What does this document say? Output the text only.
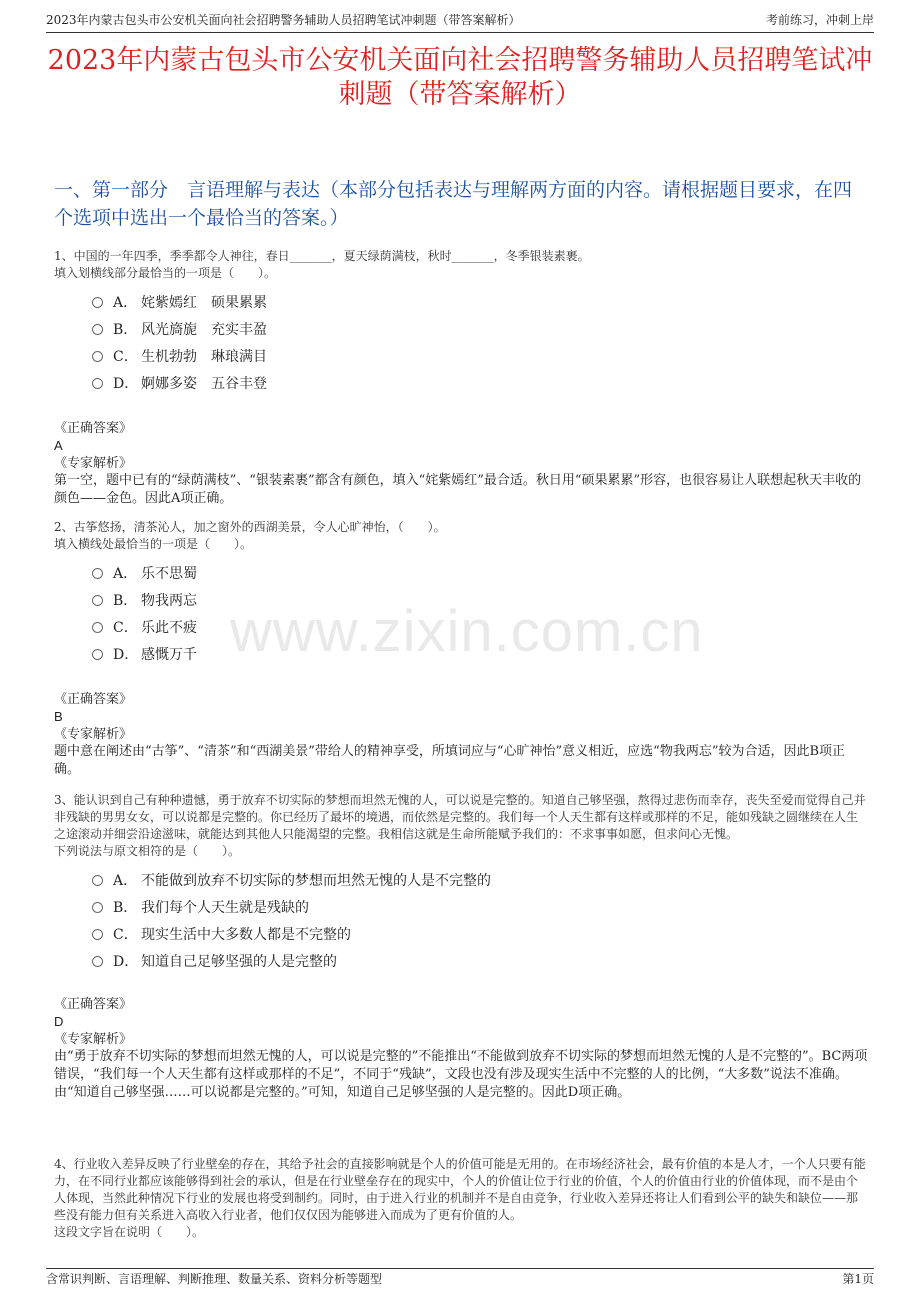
2023年内蒙古包头市公安机关面向社会招聘警务辅助人员招聘笔试冲刺题（带答案解析）	考前练习，冲刺上岸
2023年内蒙古包头市公安机关面向社会招聘警务辅助人员招聘笔试冲刺题（带答案解析）
一、第一部分　言语理解与表达（本部分包括表达与理解两方面的内容。请根据题目要求，在四个选项中选出一个最恰当的答案。）
www.zixin.com.cn
1、中国的一年四季，季季都令人神往，春日_______，夏天绿荫满枝，秋时_______，冬季银装素裹。
填入划横线部分最恰当的一项是（　　）。
A． 姹紫嫣红　硕果累累
B． 风光旖旎　充实丰盈
C． 生机勃勃　琳琅满目
D． 婀娜多姿　五谷丰登
《正确答案》
A
《专家解析》
第一空，题中已有的“绿荫满枝”、“银装素裹”都含有颜色，填入“姹紫嫣红”最合适。秋日用“硕果累累”形容，也很容易让人联想起秋天丰收的颜色——金色。因此A项正确。
2、古筝悠扬，清茶沁人，加之窗外的西湖美景，令人心旷神怡，（　　）。
填入横线处最恰当的一项是（　　）。
A． 乐不思蜀
B． 物我两忘
C． 乐此不疲
D． 感慨万千
《正确答案》
B
《专家解析》
题中意在阐述由“古筝”、“清茶”和“西湖美景”带给人的精神享受，所填词应与“心旷神怡”意义相近，应选“物我两忘”较为合适，因此B项正确。
3、能认识到自己有种种遗憾，勇于放弃不切实际的梦想而坦然无愧的人，可以说是完整的。知道自己够坚强，熬得过悲伤而幸存，丧失至爱而觉得自己并非残缺的男男女女，可以说都是完整的。你已经历了最坏的境遇，而依然是完整的。我们每一个人天生都有这样或那样的不足，能如残缺之圆继续在人生之途滚动并细尝沿途滋味，就能达到其他人只能渴望的完整。我相信这就是生命所能赋予我们的：不求事事如愿，但求问心无愧。
下列说法与原文相符的是（　　）。
A． 不能做到放弃不切实际的梦想而坦然无愧的人是不完整的
B． 我们每个人天生就是残缺的
C． 现实生活中大多数人都是不完整的
D． 知道自己足够坚强的人是完整的
《正确答案》
D
《专家解析》
由“勇于放弃不切实际的梦想而坦然无愧的人，可以说是完整的”不能推出“不能做到放弃不切实际的梦想而坦然无愧的人是不完整的”。BC两项错误，“我们每一个人天生都有这样或那样的不足”，不同于“残缺”，文段也没有涉及现实生活中不完整的人的比例，“大多数”说法不准确。由“知道自己够坚强……可以说都是完整的。”可知，知道自己足够坚强的人是完整的。因此D项正确。
4、行业收入差异反映了行业壁垒的存在，其给予社会的直接影响就是个人的价值可能是无用的。在市场经济社会，最有价值的本是人才，一个人只要有能力，在不同行业都应该能够得到社会的承认，但是在行业壁垒存在的现实中，个人的价值让位于行业的价值，个人的价值由行业的价值体现，而不是由个人体现，当然此种情况下行业的发展也将受到制约。同时，由于进入行业的机制并不是自由竞争，行业收入差异还将让人们看到公平的缺失和缺位——那些没有能力但有关系进入高收入行业者，他们仅仅因为能够进入而成为了更有价值的人。
这段文字旨在说明（　　）。
含常识判断、言语理解、判断推理、数量关系、资料分析等题型	第1页
